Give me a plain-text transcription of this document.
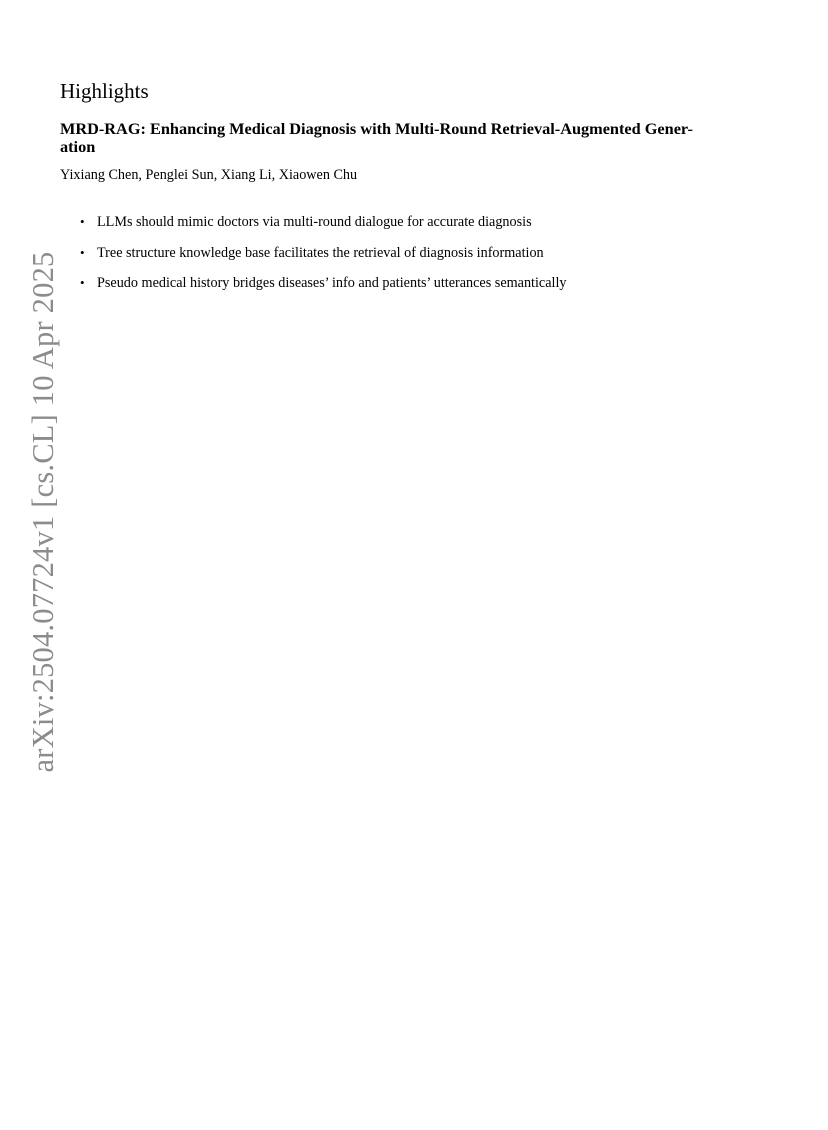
arXiv:2504.07724v1 [cs.CL] 10 Apr 2025
Highlights
MRD-RAG: Enhancing Medical Diagnosis with Multi-Round Retrieval-Augmented Gener-
ation

Yixiang Chen, Penglei Sun, Xiang Li, Xiaowen Chu

• LLMs should mimic doctors via multi-round dialogue for accurate diagnosis
• Tree structure knowledge base facilitates the retrieval of diagnosis information
• Pseudo medical history bridges diseases’ info and patients’ utterances semantically
